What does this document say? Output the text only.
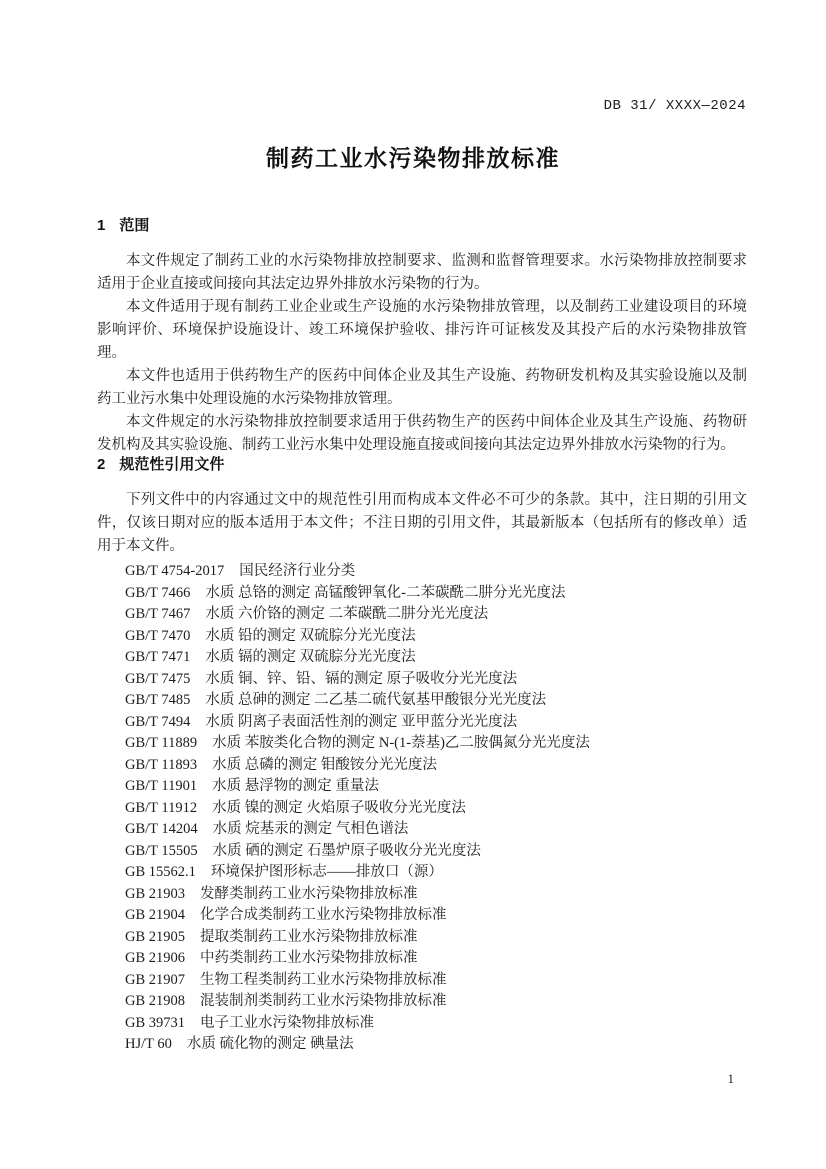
DB 31/ XXXX—2024
制药工业水污染物排放标准
1 范围

本文件规定了制药工业的水污染物排放控制要求、监测和监督管理要求。水污染物排放控制要求适用于企业直接或间接向其法定边界外排放水污染物的行为。

本文件适用于现有制药工业企业或生产设施的水污染物排放管理，以及制药工业建设项目的环境影响评价、环境保护设施设计、竣工环境保护验收、排污许可证核发及其投产后的水污染物排放管理。

本文件也适用于供药物生产的医药中间体企业及其生产设施、药物研发机构及其实验设施以及制药工业污水集中处理设施的水污染物排放管理。

本文件规定的水污染物排放控制要求适用于供药物生产的医药中间体企业及其生产设施、药物研发机构及其实验设施、制药工业污水集中处理设施直接或间接向其法定边界外排放水污染物的行为。

2 规范性引用文件

下列文件中的内容通过文中的规范性引用而构成本文件必不可少的条款。其中，注日期的引用文件，仅该日期对应的版本适用于本文件；不注日期的引用文件，其最新版本（包括所有的修改单）适用于本文件。

GB/T 4754-2017 国民经济行业分类
GB/T 7466 水质 总铬的测定 高锰酸钾氧化-二苯碳酰二肼分光光度法
GB/T 7467 水质 六价铬的测定 二苯碳酰二肼分光光度法
GB/T 7470 水质 铅的测定 双硫腙分光光度法
GB/T 7471 水质 镉的测定 双硫腙分光光度法
GB/T 7475 水质 铜、锌、铅、镉的测定 原子吸收分光光度法
GB/T 7485 水质 总砷的测定 二乙基二硫代氨基甲酸银分光光度法
GB/T 7494 水质 阴离子表面活性剂的测定 亚甲蓝分光光度法
GB/T 11889 水质 苯胺类化合物的测定 N-(1-萘基)乙二胺偶氮分光光度法
GB/T 11893 水质 总磷的测定 钼酸铵分光光度法
GB/T 11901 水质 悬浮物的测定 重量法
GB/T 11912 水质 镍的测定 火焰原子吸收分光光度法
GB/T 14204 水质 烷基汞的测定 气相色谱法
GB/T 15505 水质 硒的测定 石墨炉原子吸收分光光度法
GB 15562.1 环境保护图形标志——排放口（源）
GB 21903 发酵类制药工业水污染物排放标准
GB 21904 化学合成类制药工业水污染物排放标准
GB 21905 提取类制药工业水污染物排放标准
GB 21906 中药类制药工业水污染物排放标准
GB 21907 生物工程类制药工业水污染物排放标准
GB 21908 混装制剂类制药工业水污染物排放标准
GB 39731 电子工业水污染物排放标准
HJ/T 60 水质 硫化物的测定 碘量法
1
